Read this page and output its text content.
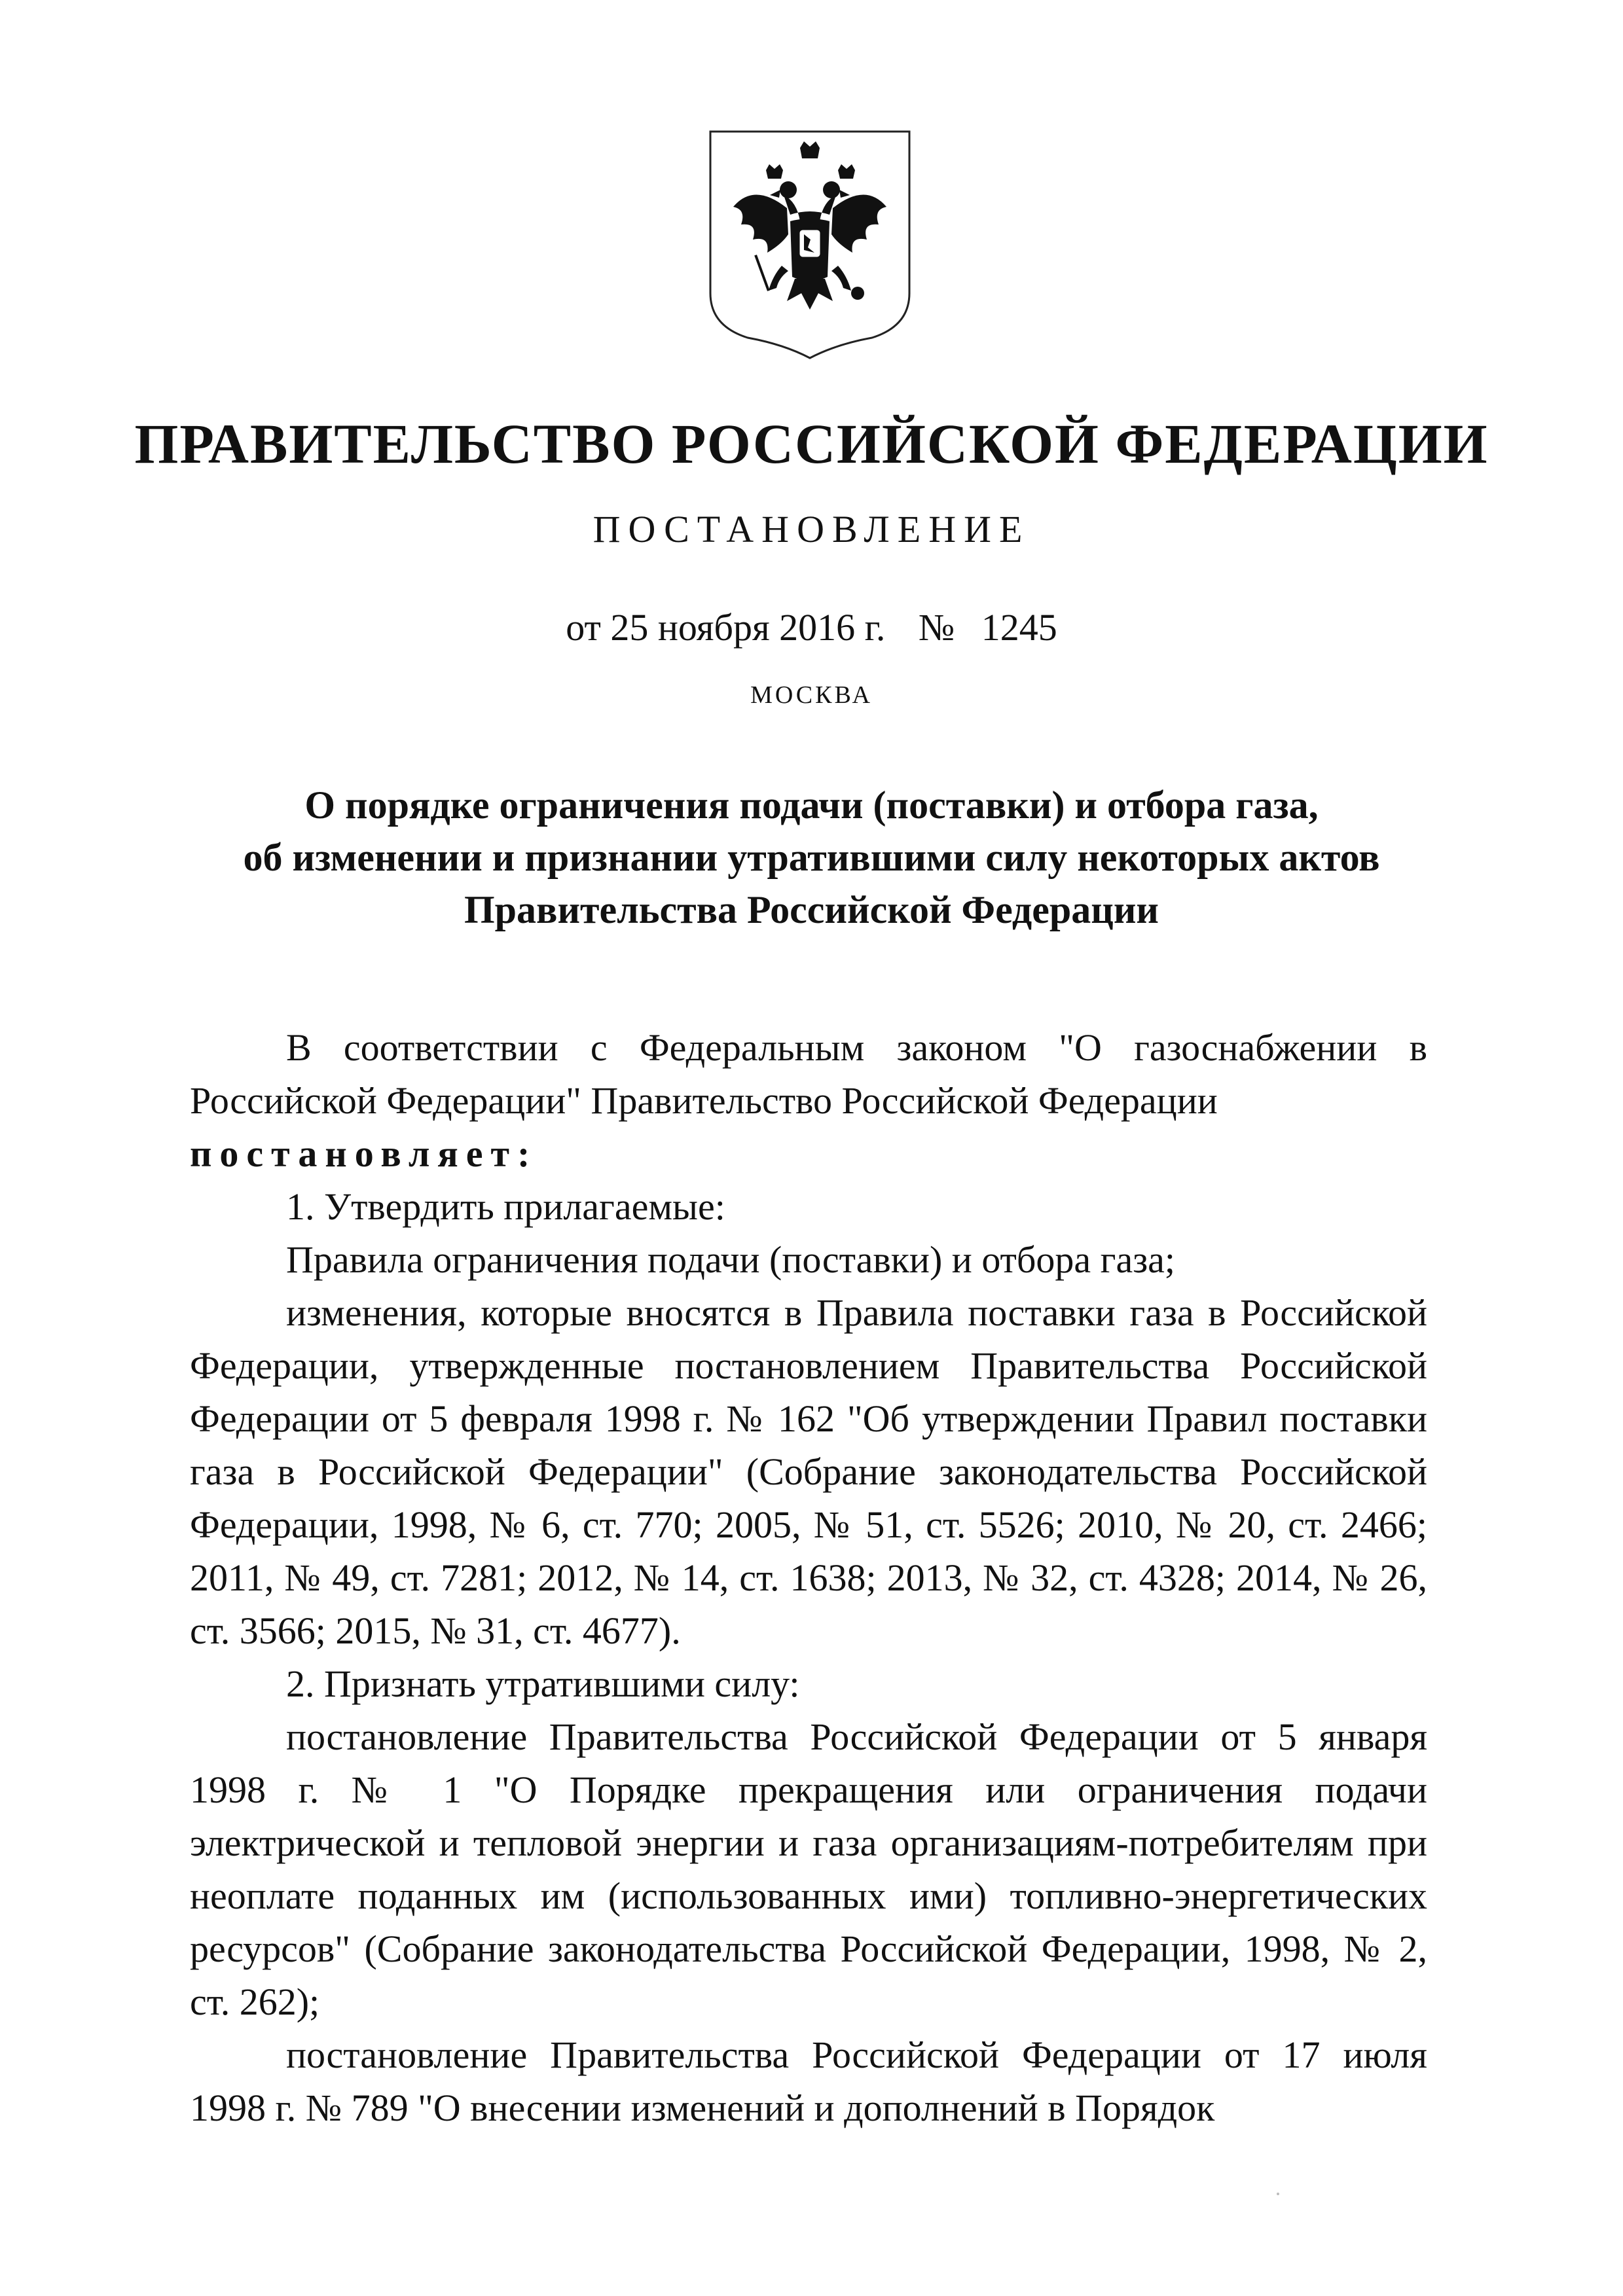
ПРАВИТЕЛЬСТВО РОССИЙСКОЙ ФЕДЕРАЦИИ
ПОСТАНОВЛЕНИЕ
от 25 ноября 2016 г. № 1245
МОСКВА
О порядке ограничения подачи (поставки) и отбора газа,
об изменении и признании утратившими силу некоторых актов
Правительства Российской Федерации

В соответствии с Федеральным законом "О газоснабжении в Российской Федерации" Правительство Российской Федерации

постановляет:

1. Утвердить прилагаемые:

Правила ограничения подачи (поставки) и отбора газа;

изменения, которые вносятся в Правила поставки газа в Российской Федерации, утвержденные постановлением Правительства Российской Федерации от 5 февраля 1998 г. № 162 "Об утверждении Правил поставки газа в Российской Федерации" (Собрание законодательства Российской Федерации, 1998, № 6, ст. 770; 2005, № 51, ст. 5526; 2010, № 20, ст. 2466; 2011, № 49, ст. 7281; 2012, № 14, ст. 1638; 2013, № 32, ст. 4328; 2014, № 26, ст. 3566; 2015, № 31, ст. 4677).

2. Признать утратившими силу:

постановление Правительства Российской Федерации от 5 января 1998 г. № 1 "О Порядке прекращения или ограничения подачи электрической и тепловой энергии и газа организациям-потребителям при неоплате поданных им (использованных ими) топливно-энергетических ресурсов" (Собрание законодательства Российской Федерации, 1998, № 2, ст. 262);

постановление Правительства Российской Федерации от 17 июля 1998 г. № 789 "О внесении изменений и дополнений в Порядок
